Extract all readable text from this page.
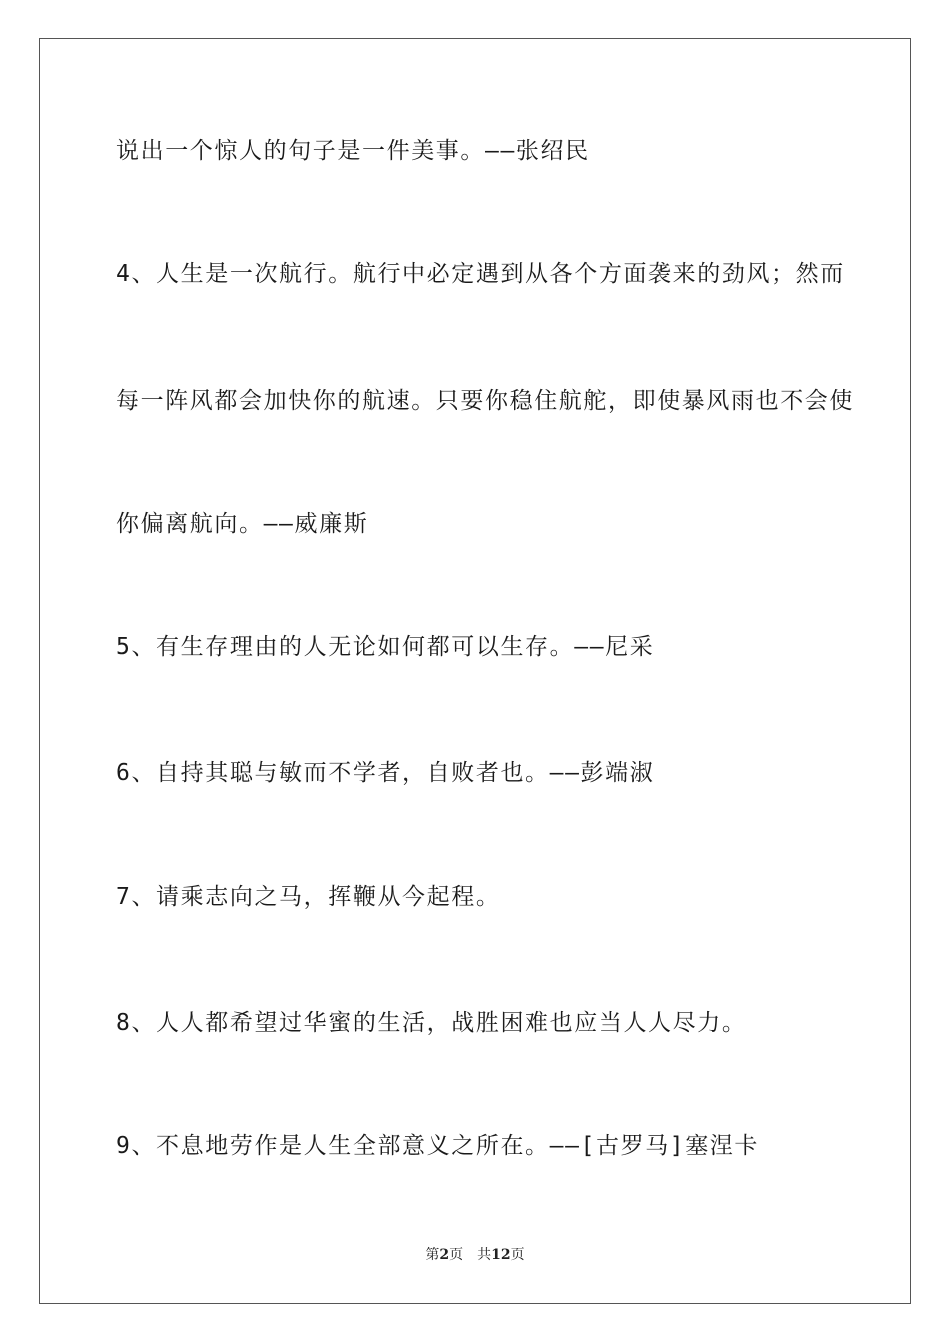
说出一个惊人的句子是一件美事。——张绍民
4、人生是一次航行。航行中必定遇到从各个方面袭来的劲风；然而
每一阵风都会加快你的航速。只要你稳住航舵，即使暴风雨也不会使
你偏离航向。——威廉斯
5、有生存理由的人无论如何都可以生存。——尼采
6、自持其聪与敏而不学者，自败者也。——彭端淑
7、请乘志向之马，挥鞭从今起程。
8、人人都希望过华蜜的生活，战胜困难也应当人人尽力。
9、不息地劳作是人生全部意义之所在。——[古罗马]塞涅卡
第2页 共12页
